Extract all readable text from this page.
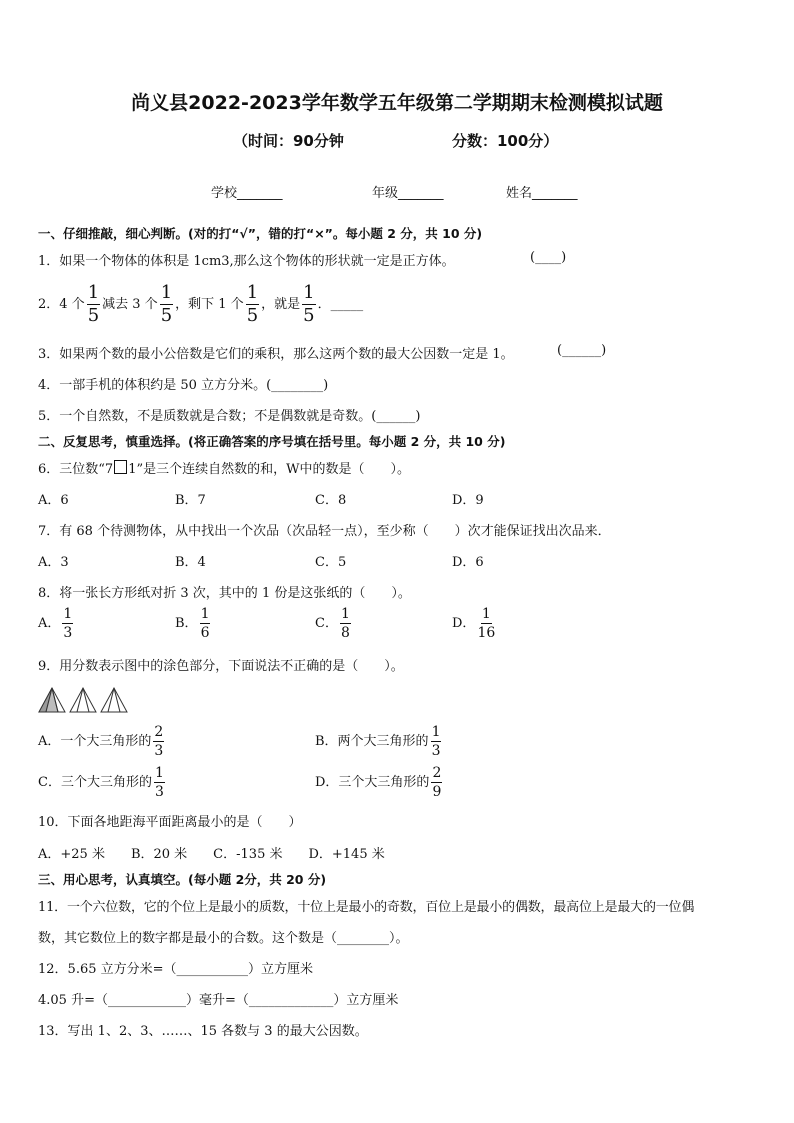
尚义县2022-2023学年数学五年级第二学期期末检测模拟试题
（时间：90分钟	分数：100分）
学校_______	年级_______	姓名_______
一、仔细推敲，细心判断。(对的打“√”，错的打“×”。每小题 2 分，共 10 分)
1．如果一个物体的体积是 1cm3,那么这个物体的形状就一定是正方体。	(____)
2．4 个 $\frac{1}{5}$ 减去 3 个 $\frac{1}{5}$ ，剩下 1 个 $\frac{1}{5}$ ，就是 $\frac{1}{5}$ ．_____
3．如果两个数的最小公倍数是它们的乘积，那么这两个数的最大公因数一定是 1。	(______)
4．一部手机的体积约是 50 立方分米。(________)
5．一个自然数，不是质数就是合数；不是偶数就是奇数。(______)
二、反复思考，慎重选择。(将正确答案的序号填在括号里。每小题 2 分，共 10 分)
6．三位数“7 1”是三个连续自然数的和，W中的数是（　　）。
A．6	B．7	C．8	D．9
7．有 68 个待测物体，从中找出一个次品（次品轻一点），至少称（　　）次才能保证找出次品来．
A．3	B．4	C．5	D．6
8．将一张长方形纸对折 3 次，其中的 1 份是这张纸的（　　）。
A． $\frac{1}{3}$	B． $\frac{1}{6}$	C． $\frac{1}{8}$	D． $\frac{1}{16}$
9．用分数表示图中的涂色部分，下面说法不正确的是（　　）。
A．一个大三角形的 $\frac{2}{3}$	B．两个大三角形的 $\frac{1}{3}$
C．三个大三角形的 $\frac{1}{3}$	D．三个大三角形的 $\frac{2}{9}$
10．下面各地距海平面距离最小的是（　　）
A．+25 米　　B．20 米　　C．-135 米　　D．+145 米
三、用心思考，认真填空。(每小题 2分，共 20 分)
11．一个六位数，它的个位上是最小的质数，十位上是最小的奇数，百位上是最小的偶数，最高位上是最大的一位偶
数，其它数位上的数字都是最小的合数。这个数是（________）。
12．5.65 立方分米=（___________）立方厘米
4.05 升=（____________）毫升=（_____________）立方厘米
13．写出 1、2、3、……、15 各数与 3 的最大公因数。
